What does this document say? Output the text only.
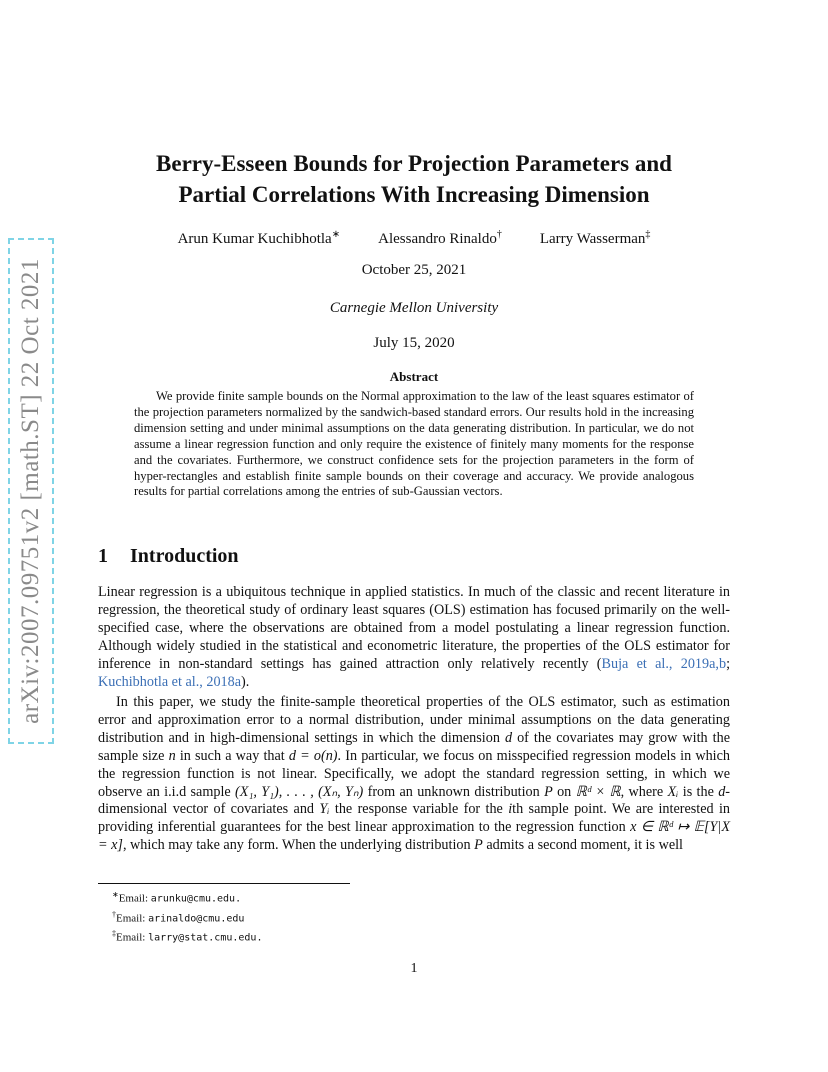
arXiv:2007.09751v2 [math.ST] 22 Oct 2021
Berry-Esseen Bounds for Projection Parameters and
Partial Correlations With Increasing Dimension
Arun Kumar Kuchibhotla∗	Alessandro Rinaldo†	Larry Wasserman‡
October 25, 2021
Carnegie Mellon University
July 15, 2020
Abstract
We provide finite sample bounds on the Normal approximation to the law of the least squares estimator of the projection parameters normalized by the sandwich-based standard errors. Our results hold in the increasing dimension setting and under minimal assumptions on the data generating distribution. In particular, we do not assume a linear regression function and only require the existence of finitely many moments for the response and the covariates. Furthermore, we construct confidence sets for the projection parameters in the form of hyper-rectangles and establish finite sample bounds on their coverage and accuracy. We provide analogous results for partial correlations among the entries of sub-Gaussian vectors.
1 Introduction
Linear regression is a ubiquitous technique in applied statistics. In much of the classic and recent literature in regression, the theoretical study of ordinary least squares (OLS) estimation has focused primarily on the well-specified case, where the observations are obtained from a model postulating a linear regression function. Although widely studied in the statistical and econometric literature, the properties of the OLS estimator for inference in non-standard settings has gained attraction only relatively recently (Buja et al., 2019a,b; Kuchibhotla et al., 2018a).
In this paper, we study the finite-sample theoretical properties of the OLS estimator, such as estimation error and approximation error to a normal distribution, under minimal assumptions on the data generating distribution and in high-dimensional settings in which the dimension d of the covariates may grow with the sample size n in such a way that d = o(n). In particular, we focus on misspecified regression models in which the regression function is not linear. Specifically, we adopt the standard regression setting, in which we observe an i.i.d sample (X₁, Y₁), . . . , (Xₙ, Yₙ) from an unknown distribution P on ℝᵈ × ℝ, where Xᵢ is the d-dimensional vector of covariates and Yᵢ the response variable for the ith sample point. We are interested in providing inferential guarantees for the best linear approximation to the regression function x ∈ ℝᵈ ↦ 𝔼[Y|X = x], which may take any form. When the underlying distribution P admits a second moment, it is well
∗Email: arunku@cmu.edu.
†Email: arinaldo@cmu.edu
‡Email: larry@stat.cmu.edu.
1
